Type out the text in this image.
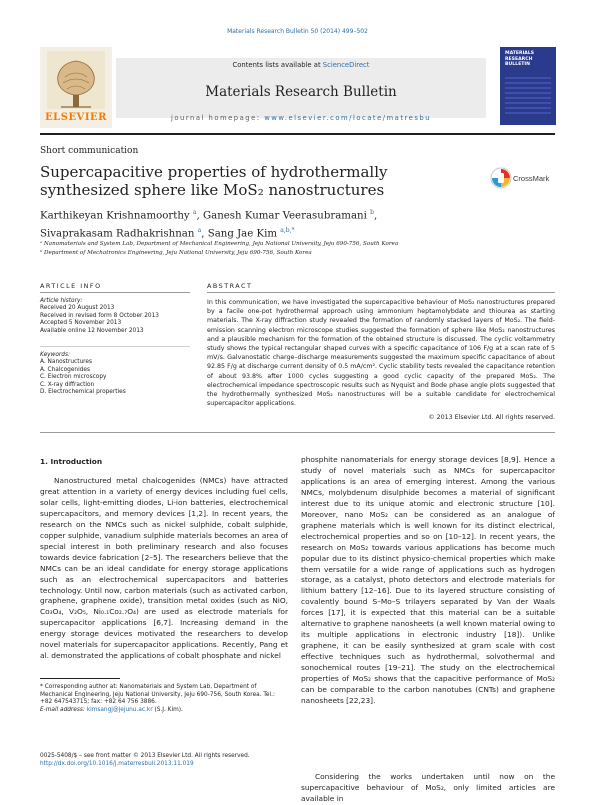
Materials Research Bulletin 50 (2014) 499–502
ELSEVIER
Contents lists available at ScienceDirect
Materials Research Bulletin
journal homepage: www.elsevier.com/locate/matresbu
MATERIALS RESEARCH BULLETIN
Short communication
Supercapacitive properties of hydrothermally synthesized sphere like MoS₂ nanostructures
CrossMark
Karthikeyan Krishnamoorthy $^a$, Ganesh Kumar Veerasubramani $^b$,
Sivaprakasam Radhakrishnan $^a$, Sang Jae Kim $^{a,b,*}$
ᵃ Nanomaterials and System Lab, Department of Mechanical Engineering, Jeju National University, Jeju 690-756, South Korea
ᵇ Department of Mechatronics Engineering, Jeju National University, Jeju 690-756, South Korea
ARTICLE INFO
Article history:
Received 20 August 2013
Received in revised form 8 October 2013
Accepted 5 November 2013
Available online 12 November 2013
Keywords:
A. Nanostructures
A. Chalcogenides
C. Electron microscopy
C. X-ray diffraction
D. Electrochemical properties
ABSTRACT
In this communication, we have investigated the supercapacitive behaviour of MoS₂ nanostructures prepared by a facile one-pot hydrothermal approach using ammonium heptamolybdate and thiourea as starting materials. The X-ray diffraction study revealed the formation of randomly stacked layers of MoS₂. The field-emission scanning electron microscope studies suggested the formation of sphere like MoS₂ nanostructures and a plausible mechanism for the formation of the obtained structure is discussed. The cyclic voltammetry study shows the typical rectangular shaped curves with a specific capacitance of 106 F/g at a scan rate of 5 mV/s. Galvanostatic charge–discharge measurements suggested the maximum specific capacitance of about 92.85 F/g at discharge current density of 0.5 mA/cm². Cyclic stability tests revealed the capacitance retention of about 93.8% after 1000 cycles suggesting a good cyclic capacity of the prepared MoS₂. The electrochemical impedance spectroscopic results such as Nyquist and Bode phase angle plots suggested that the hydrothermally synthesized MoS₂ nanostructures will be a suitable candidate for electrochemical supercapacitor applications.
© 2013 Elsevier Ltd. All rights reserved.
1. Introduction
Nanostructured metal chalcogenides (NMCs) have attracted great attention in a variety of energy devices including fuel cells, solar cells, light-emitting diodes, Li-ion batteries, electrochemical supercapacitors, and memory devices [1,2]. In recent years, the research on the NMCs such as nickel sulphide, cobalt sulphide, copper sulphide, vanadium sulphide materials becomes an area of special interest in both preliminary research and also focuses towards device fabrication [2–5]. The researchers believe that the NMCs can be an ideal candidate for energy storage applications such as an electrochemical supercapacitors and batteries technology. Until now, carbon materials (such as activated carbon, graphene, graphene oxide), transition metal oxides (such as NiO, Co₃O₄, V₂O₅, Ni₀.₁Co₂.₇O₄) are used as electrode materials for supercapacitor applications [6,7]. Increasing demand in the energy storage devices motivated the researchers to develop novel materials for supercapacitor applications. Recently, Pang et al. demonstrated the applications of cobalt phosphate and nickel
phosphite nanomaterials for energy storage devices [8,9]. Hence a study of novel materials such as NMCs for supercapacitor applications is an area of emerging interest. Among the various NMCs, molybdenum disulphide becomes a material of significant interest due to its unique atomic and electronic structure [10]. Moreover, nano MoS₂ can be considered as an analogue of graphene materials which is well known for its distinct electrical, electrochemical properties and so on [10–12]. In recent years, the research on MoS₂ towards various applications has become much popular due to its distinct physico-chemical properties which make them versatile for a wide range of applications such as hydrogen storage, as a catalyst, photo detectors and electrode materials for lithium battery [12–16]. Due to its layered structure consisting of covalently bound S–Mo–S trilayers separated by Van der Waals forces [17], it is expected that this material can be a suitable alternative to graphene nanosheets (a well known material owing to its multiple applications in electronic industry [18]). Unlike graphene, it can be easily synthesized at gram scale with cost effective techniques such as hydrothermal, solvothermal and sonochemical routes [19–21]. The study on the electrochemical properties of MoS₂ shows that the capacitive performance of MoS₂ can be comparable to the carbon nanotubes (CNTs) and graphene nanosheets [22,23].
Considering the works undertaken until now on the supercapacitive behaviour of MoS₂, only limited articles are available in
* Corresponding author at: Nanomaterials and System Lab, Department of Mechanical Engineering, Jeju National University, Jeju 690-756, South Korea. Tel.: +82 647543715; fax: +82 64 756 3886.
E-mail address: kimsangj@jejunu.ac.kr (S.J. Kim).
0025-5408/$ – see front matter © 2013 Elsevier Ltd. All rights reserved.
http://dx.doi.org/10.1016/j.materresbull.2013.11.019
